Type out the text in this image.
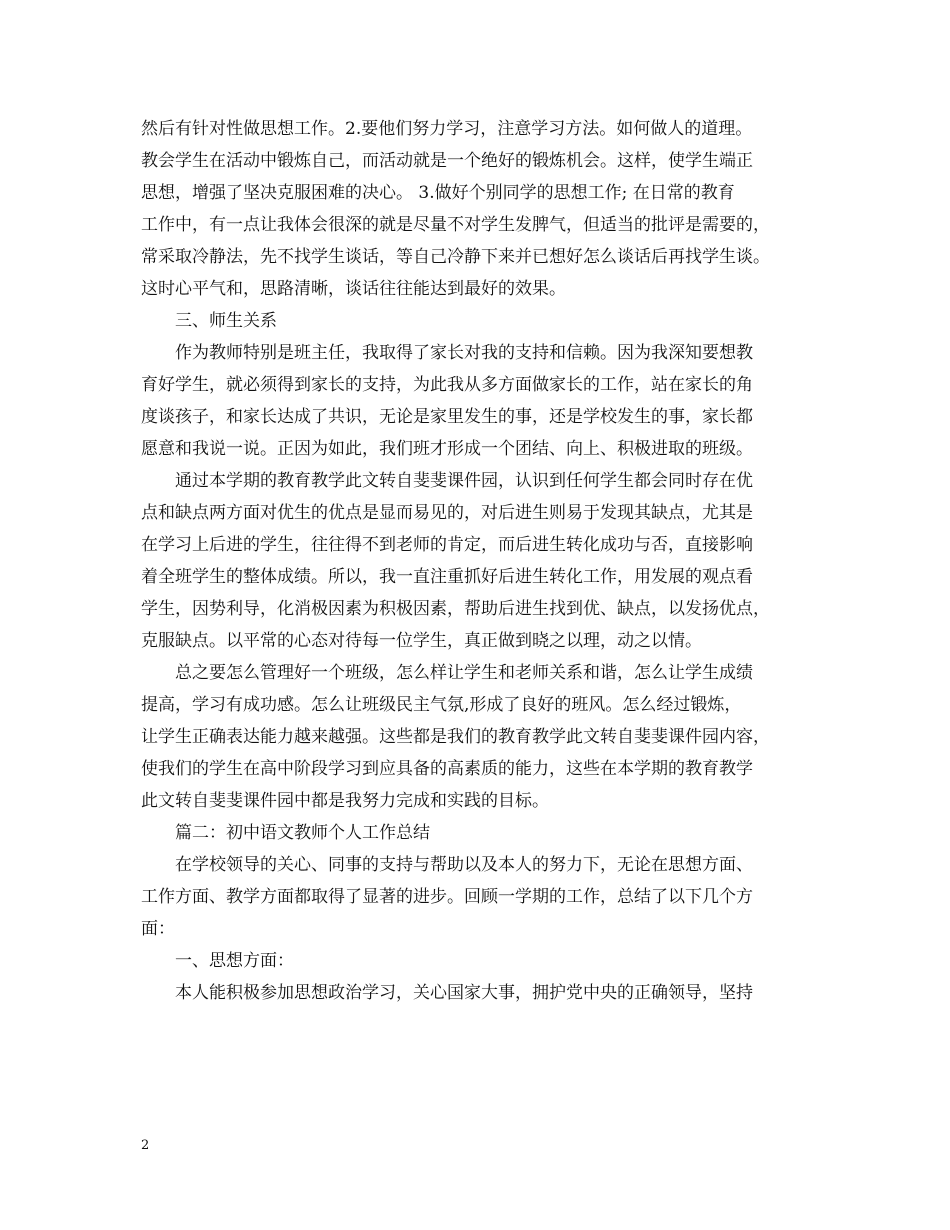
然后有针对性做思想工作。2.要他们努力学习，注意学习方法。如何做人的道理。
教会学生在活动中锻炼自己，而活动就是一个绝好的锻炼机会。这样，使学生端正
思想，增强了坚决克服困难的决心。 3.做好个别同学的思想工作; 在日常的教育
工作中，有一点让我体会很深的就是尽量不对学生发脾气，但适当的批评是需要的，
常采取冷静法，先不找学生谈话，等自己冷静下来并已想好怎么谈话后再找学生谈。
这时心平气和，思路清晰，谈话往往能达到最好的效果。
三、师生关系
作为教师特别是班主任，我取得了家长对我的支持和信赖。因为我深知要想教
育好学生，就必须得到家长的支持，为此我从多方面做家长的工作，站在家长的角
度谈孩子，和家长达成了共识，无论是家里发生的事，还是学校发生的事，家长都
愿意和我说一说。正因为如此，我们班才形成一个团结、向上、积极进取的班级。
通过本学期的教育教学此文转自斐斐课件园，认识到任何学生都会同时存在优
点和缺点两方面对优生的优点是显而易见的，对后进生则易于发现其缺点，尤其是
在学习上后进的学生，往往得不到老师的肯定，而后进生转化成功与否，直接影响
着全班学生的整体成绩。所以，我一直注重抓好后进生转化工作，用发展的观点看
学生，因势利导，化消极因素为积极因素，帮助后进生找到优、缺点，以发扬优点，
克服缺点。以平常的心态对待每一位学生，真正做到晓之以理，动之以情。
总之要怎么管理好一个班级，怎么样让学生和老师关系和谐，怎么让学生成绩
提高，学习有成功感。怎么让班级民主气氛,形成了良好的班风。怎么经过锻炼，
让学生正确表达能力越来越强。这些都是我们的教育教学此文转自斐斐课件园内容，
使我们的学生在高中阶段学习到应具备的高素质的能力，这些在本学期的教育教学
此文转自斐斐课件园中都是我努力完成和实践的目标。
篇二：初中语文教师个人工作总结
在学校领导的关心、同事的支持与帮助以及本人的努力下，无论在思想方面、
工作方面、教学方面都取得了显著的进步。回顾一学期的工作，总结了以下几个方
面：
一、思想方面：
本人能积极参加思想政治学习，关心国家大事，拥护党中央的正确领导，坚持
2
